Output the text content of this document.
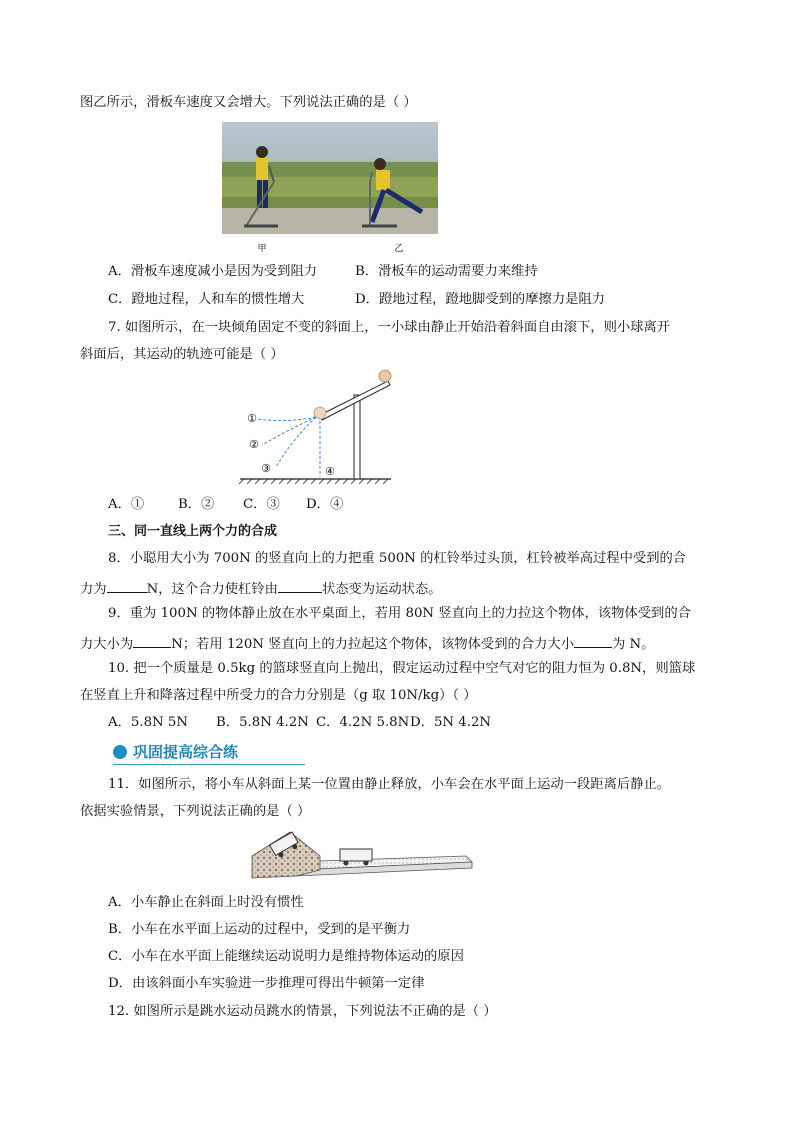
图乙所示，滑板车速度又会增大。下列说法正确的是（ ）
甲	乙
A．滑板车速度减小是因为受到阻力	B．滑板车的运动需要力来维持
C．蹬地过程，人和车的惯性增大	D．蹬地过程，蹬地脚受到的摩擦力是阻力
7. 如图所示，在一块倾角固定不变的斜面上，一小球由静止开始沿着斜面自由滚下，则小球离开
斜面后，其运动的轨迹可能是（ ）
①
②
③	④
A．①	B．② C．③ D．④
三、同一直线上两个力的合成
8．小聪用大小为 700N 的竖直向上的力把重 500N 的杠铃举过头顶，杠铃被举高过程中受到的合
力为	N，这个合力使杠铃由	状态变为运动状态。
9．重为 100N 的物体静止放在水平桌面上，若用 80N 竖直向上的力拉这个物体，该物体受到的合
力大小为	N；若用 120N 竖直向上的力拉起这个物体，该物体受到的合力大小	为 N。
10. 把一个质量是 0.5kg 的篮球竖直向上抛出，假定运动过程中空气对它的阻力恒为 0.8N，则篮球
在竖直上升和降落过程中所受力的合力分别是（g 取 10N/kg）（ ）
A．5.8N 5N B．5.8N 4.2N C．4.2N 5.8N D．5N 4.2N
巩固提高综合练
11．如图所示，将小车从斜面上某一位置由静止释放，小车会在水平面上运动一段距离后静止。
依据实验情景，下列说法正确的是（ ）
A．小车静止在斜面上时没有惯性
B．小车在水平面上运动的过程中，受到的是平衡力
C．小车在水平面上能继续运动说明力是维持物体运动的原因
D．由该斜面小车实验进一步推理可得出牛顿第一定律
12. 如图所示是跳水运动员跳水的情景，下列说法不正确的是（ ）
